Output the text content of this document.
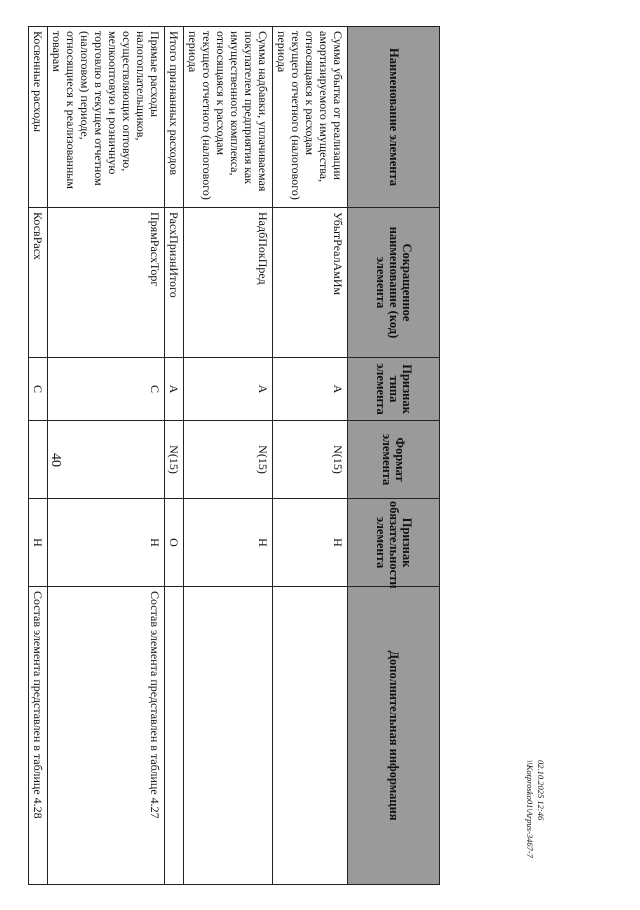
40
Наименование элемента	Сокращенное наименование (код) элемента	Признак типа элемента	Формат элемента	Признак обязательности элемента	Дополнительная информация
Сумма убытка от реализации амортизируемого имущества, относящаяся к расходам текущего отчетного (налогового) периода	УбытРеалАмИм	А	N(15)	Н	
Сумма надбавки, уплачиваемая покупателем предприятия как имущественного комплекса, относящаяся к расходам текущего отчетного (налогового) периода	НадбПокПред	А	N(15)	Н	
Итого признанных расходов	РасхПризнИтого	А	N(15)	О	
Прямые расходы налогоплательщиков, осуществляющих оптовую, мелкооптовую и розничную торговлю в текущем отчетном (налоговом) периоде, относящиеся к реализованным товарам	ПрямРасхТорг	С		Н	Состав элемента представлен в таблице 4.27
Косвенные расходы	КосвРасх	С		Н	Состав элемента представлен в таблице 4.28	02.10.2025 12:46
\\Kotprosko01\Arpus-3467-7
